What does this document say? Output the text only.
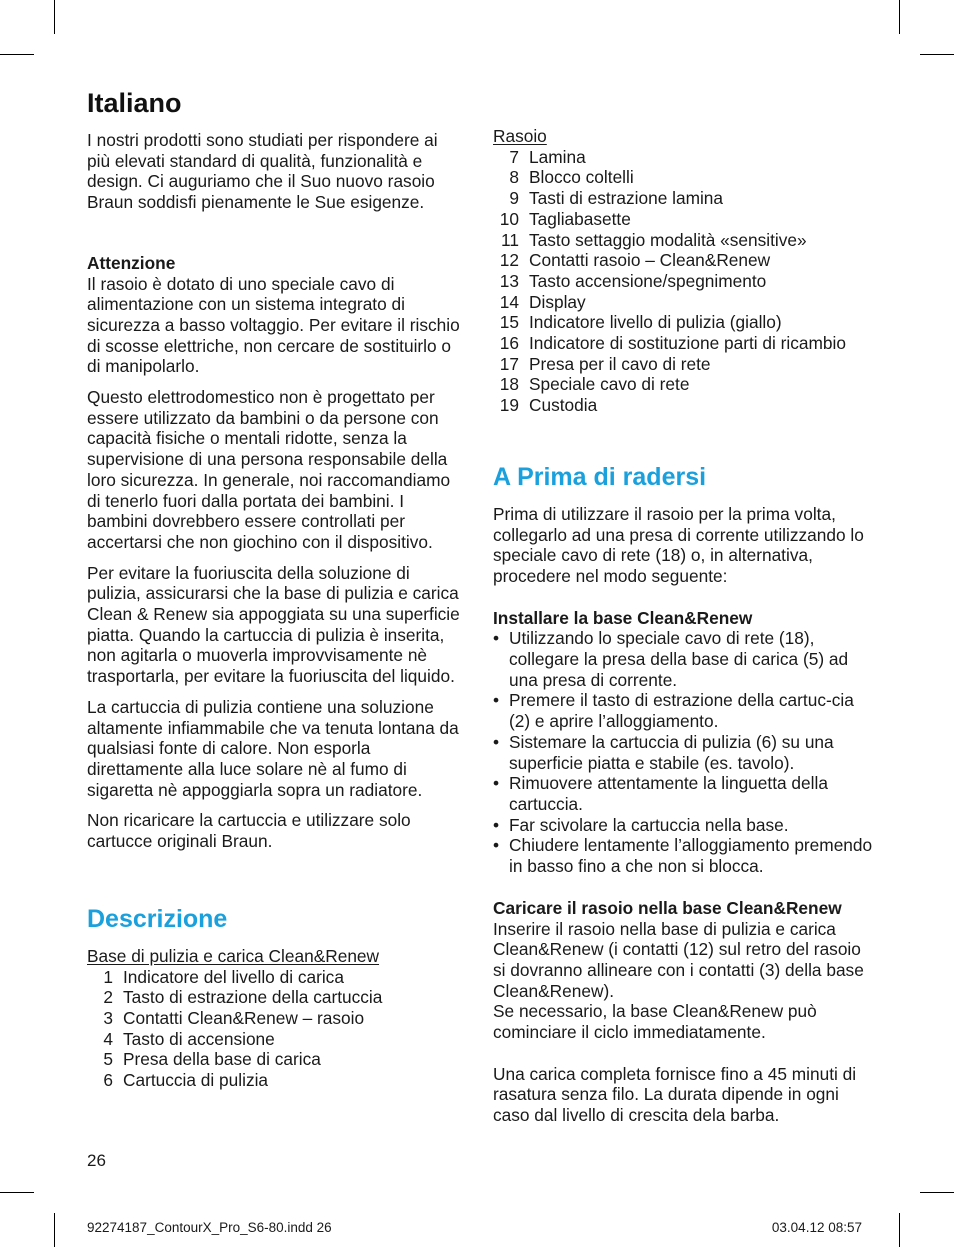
Italiano

I nostri prodotti sono studiati per rispondere ai più elevati standard di qualità, funzionalità e design. Ci auguriamo che il Suo nuovo rasoio Braun soddisfi pienamente le Sue esigenze.

Attenzione

Il rasoio è dotato di uno speciale cavo di alimentazione con un sistema integrato di sicurezza a basso voltaggio. Per evitare il rischio di scosse elettriche, non cercare de sostituirlo o di manipolarlo.

Questo elettrodomestico non è progettato per essere utilizzato da bambini o da persone con capacità fisiche o mentali ridotte, senza la supervisione di una persona responsabile della loro sicurezza. In generale, noi raccomandiamo di tenerlo fuori dalla portata dei bambini. I bambini dovrebbero essere controllati per accertarsi che non giochino con il dispositivo.

Per evitare la fuoriuscita della soluzione di pulizia, assicurarsi che la base di pulizia e carica Clean & Renew sia appoggiata su una superficie piatta. Quando la cartuccia di pulizia è inserita, non agitarla o muoverla improvvisamente nè trasportarla, per evitare la fuoriuscita del liquido.

La cartuccia di pulizia contiene una soluzione altamente infiammabile che va tenuta lontana da qualsiasi fonte di calore. Non esporla direttamente alla luce solare nè al fumo di sigaretta nè appoggiarla sopra un radiatore.

Non ricaricare la cartuccia e utilizzare solo cartucce originali Braun.

Descrizione

Base di pulizia e carica Clean&Renew

1 Indicatore del livello di carica
2 Tasto di estrazione della cartuccia
3 Contatti Clean&Renew – rasoio
4 Tasto di accensione
5 Presa della base di carica
6 Cartuccia di pulizia

Rasoio

7 Lamina
8 Blocco coltelli
9 Tasti di estrazione lamina
10 Tagliabasette
11 Tasto settaggio modalità «sensitive»
12 Contatti rasoio – Clean&Renew
13 Tasto accensione/spegnimento
14 Display
15 Indicatore livello di pulizia (giallo)
16 Indicatore di sostituzione parti di ricambio
17 Presa per il cavo di rete
18 Speciale cavo di rete
19 Custodia
A Prima di radersi

Prima di utilizzare il rasoio per la prima volta, collegarlo ad una presa di corrente utilizzando lo speciale cavo di rete (18) o, in alternativa, procedere nel modo seguente:

Installare la base Clean&Renew

• Utilizzando lo speciale cavo di rete (18), collegare la presa della base di carica (5) ad una presa di corrente.
• Premere il tasto di estrazione della cartuc-cia (2) e aprire l’alloggiamento.
• Sistemare la cartuccia di pulizia (6) su una superficie piatta e stabile (es. tavolo).
• Rimuovere attentamente la linguetta della cartuccia.
• Far scivolare la cartuccia nella base.
• Chiudere lentamente l’alloggiamento premendo in basso fino a che non si blocca.

Caricare il rasoio nella base Clean&Renew

Inserire il rasoio nella base di pulizia e carica Clean&Renew (i contatti (12) sul retro del rasoio si dovranno allineare con i contatti (3) della base Clean&Renew).

Se necessario, la base Clean&Renew può cominciare il ciclo immediatamente.

Una carica completa fornisce fino a 45 minuti di rasatura senza filo. La durata dipende in ogni caso dal livello di crescita dela barba.

26
92274187_ContourX_Pro_S6-80.indd 26	03.04.12 08:57
